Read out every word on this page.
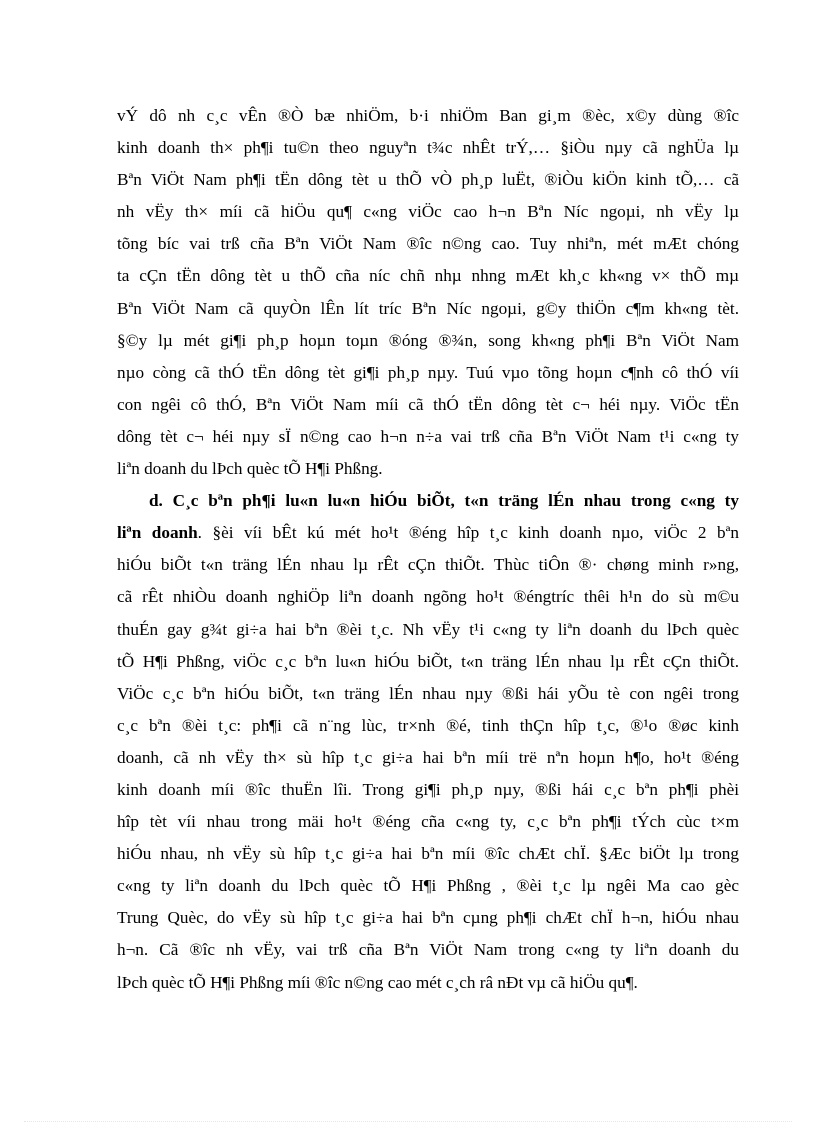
vÝ dô nh c¸c vÊn ®Ò bæ nhiÖm, b·i nhiÖm Ban gi¸m ®èc, x©y dùng ®îc
kinh doanh th× ph¶i tu©n theo nguyªn t¾c nhÊt trÝ,… §iÒu nµy cã nghÜa lµ
Bªn ViÖt Nam ph¶i tËn dông tèt u thÕ vÒ ph¸p luËt, ®iÒu kiÖn kinh tÕ,… cã
nh vËy th× míi cã hiÖu qu¶ c«ng viÖc cao h¬n Bªn Níc ngoµi, nh vËy lµ
tõng bíc vai trß cña Bªn ViÖt Nam ®îc n©ng cao. Tuy nhiªn, mét mÆt chóng
ta cÇn tËn dông tèt u thÕ cña níc chñ nhµ nhng mÆt kh¸c kh«ng v× thÕ mµ
Bªn ViÖt Nam cã quyÒn lÊn lít tríc Bªn Níc ngoµi, g©y thiÖn c¶m kh«ng tèt.
§©y lµ mét gi¶i ph¸p hoµn toµn ®óng ®¾n, song kh«ng ph¶i Bªn ViÖt Nam
nµo còng cã thÓ tËn dông tèt gi¶i ph¸p nµy. Tuú vµo tõng hoµn c¶nh cô thÓ víi
con ngêi cô thÓ, Bªn ViÖt Nam míi cã thÓ tËn dông tèt c¬ héi nµy. ViÖc tËn
dông tèt c¬ héi nµy sÏ n©ng cao h¬n n÷a vai trß cña Bªn ViÖt Nam t¹i c«ng ty
liªn doanh du lÞch quèc tÕ H¶i Phßng.
d. C¸c bªn ph¶i lu«n lu«n hiÓu biÕt, t«n träng lÉn nhau trong c«ng ty
liªn doanh. §èi víi bÊt kú mét ho¹t ®éng hîp t¸c kinh doanh nµo, viÖc 2 bªn
hiÓu biÕt t«n träng lÉn nhau lµ rÊt cÇn thiÕt. Thùc tiÔn ®· chøng minh r»ng,
cã rÊt nhiÒu doanh nghiÖp liªn doanh ngõng ho¹t ®éngtríc thêi h¹n do sù m©u
thuÉn gay g¾t gi÷a hai bªn ®èi t¸c. Nh vËy t¹i c«ng ty liªn doanh du lÞch quèc
tÕ H¶i Phßng, viÖc c¸c bªn lu«n hiÓu biÕt, t«n träng lÉn nhau lµ rÊt cÇn thiÕt.
ViÖc c¸c bªn hiÓu biÕt, t«n träng lÉn nhau nµy ®ßi hái yÕu tè con ngêi trong
c¸c bªn ®èi t¸c: ph¶i cã n¨ng lùc, tr×nh ®é, tinh thÇn hîp t¸c, ®¹o ®øc kinh
doanh, cã nh vËy th× sù hîp t¸c gi÷a hai bªn míi trë nªn hoµn h¶o, ho¹t ®éng
kinh doanh míi ®îc thuËn lîi. Trong gi¶i ph¸p nµy, ®ßi hái c¸c bªn ph¶i phèi
hîp tèt víi nhau trong mäi ho¹t ®éng cña c«ng ty, c¸c bªn ph¶i tÝch cùc t×m
hiÓu nhau, nh vËy sù hîp t¸c gi÷a hai bªn míi ®îc chÆt chÏ. §Æc biÖt lµ trong
c«ng ty liªn doanh du lÞch quèc tÕ H¶i Phßng , ®èi t¸c lµ ngêi Ma cao gèc
Trung Quèc, do vËy sù hîp t¸c gi÷a hai bªn cµng ph¶i chÆt chÏ h¬n, hiÓu nhau
h¬n. Cã ®îc nh vËy, vai trß cña Bªn ViÖt Nam trong c«ng ty liªn doanh du
lÞch quèc tÕ H¶i Phßng míi ®îc n©ng cao mét c¸ch râ nÐt vµ cã hiÖu qu¶.
